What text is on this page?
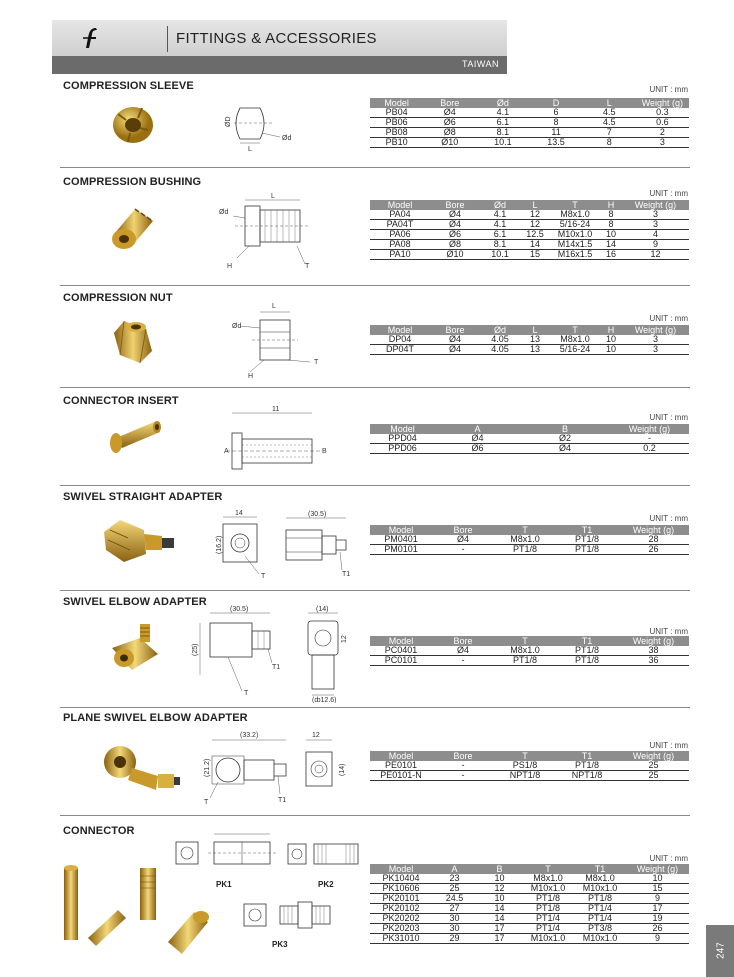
FITTINGS & ACCESSORIES
TAIWAN
COMPRESSION SLEEVE
ØD
Ød
L
UNIT : mm
Model	Bore	Ød	D	L	Weight (g)
PB04	Ø4	4.1	6	4.5	0.3
PB06	Ø6	6.1	8	4.5	0.6
PB08	Ø8	8.1	11	7	2
PB10	Ø10	10.1	13.5	8	3
COMPRESSION BUSHING
Ød
L
H	T
UNIT : mm
Model	Bore	Ød	L	T	H	Weight (g)
PA04	Ø4	4.1	12	M8x1.0	8	3
PA04T	Ø4	4.1	12	5/16-24	8	3
PA06	Ø6	6.1	12.5	M10x1.0	10	4
PA08	Ø8	8.1	14	M14x1.5	14	9
PA10	Ø10	10.1	15	M16x1.5	16	12
COMPRESSION NUT
Ød
L
H
T
UNIT : mm
Model	Bore	Ød	L	T	H	Weight (g)
DP04	Ø4	4.05	13	M8x1.0	10	3
DP04T	Ø4	4.05	13	5/16-24	10	3
CONNECTOR INSERT
11
A	B
UNIT : mm
Model	A	B	Weight (g)
PPD04	Ø4	Ø2	-
PPD06	Ø6	Ø4	0.2
SWIVEL STRAIGHT ADAPTER
14
(16.2)
T
(30.5)
T1
UNIT : mm
Model	Bore	T	T1	Weight (g)
PM0401	Ø4	M8x1.0	PT1/8	28
PM0101	-	PT1/8	PT1/8	26
SWIVEL ELBOW ADAPTER
(30.5)
(25)
T1
T
(14)
12
(ȸ12.6)
UNIT : mm
Model	Bore	T	T1	Weight (g)
PC0401	Ø4	M8x1.0	PT1/8	38
PC0101	-	PT1/8	PT1/8	36
PLANE SWIVEL ELBOW ADAPTER
(33.2)
(21.2)
T	T1
12
(14)
UNIT : mm
Model	Bore	T	T1	Weight (g)
PE0101	-	PS1/8	PT1/8	25
PE0101-N	-	NPT1/8	NPT1/8	25
CONNECTOR
PK1	PK2
PK3
UNIT : mm
Model	A	B	T	T1	Weight (g)
PK10404	23	10	M8x1.0	M8x1.0	10
PK10606	25	12	M10x1.0	M10x1.0	15
PK20101	24.5	10	PT1/8	PT1/8	9
PK20102	27	14	PT1/8	PT1/4	17
PK20202	30	14	PT1/4	PT1/4	19
PK20203	30	17	PT1/4	PT3/8	26
PK31010	29	17	M10x1.0	M10x1.0	9
247
